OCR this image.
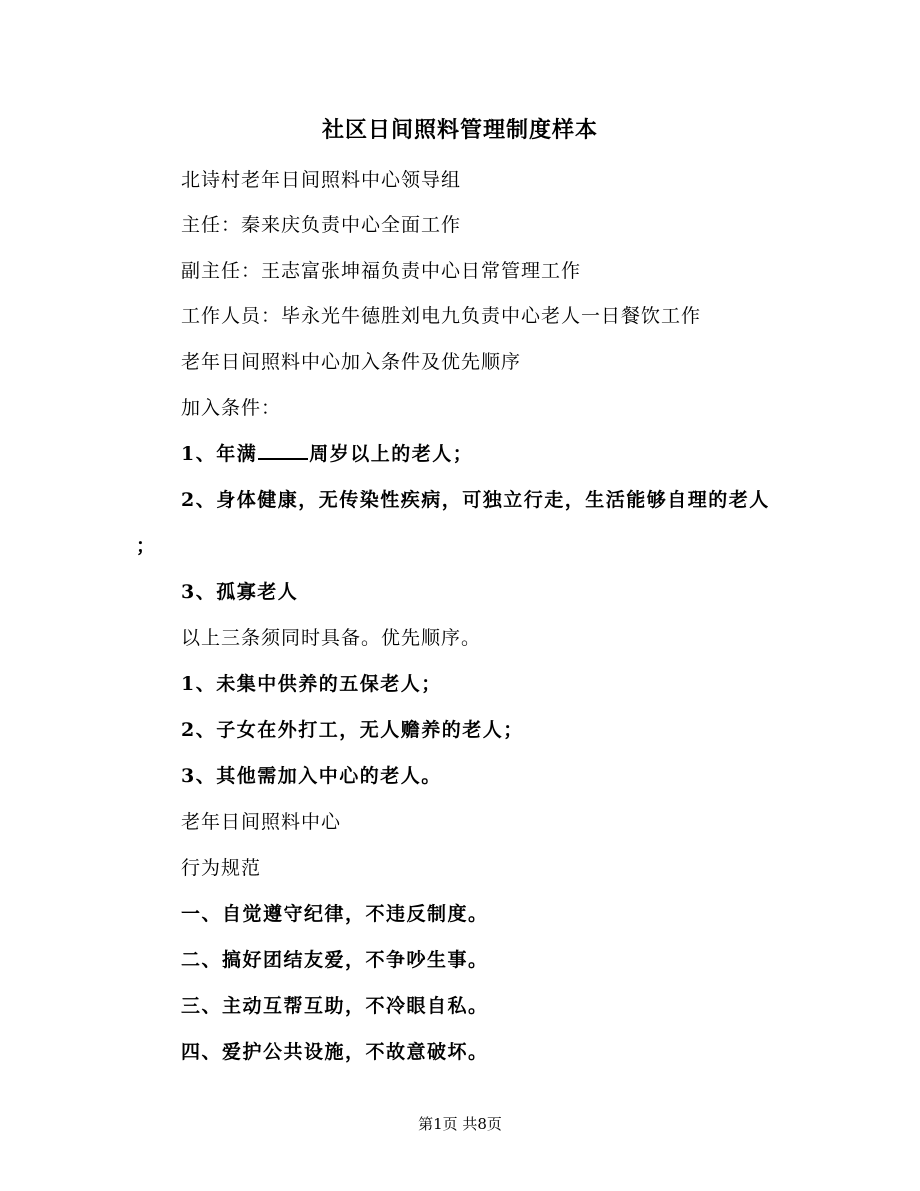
社区日间照料管理制度样本
北诗村老年日间照料中心领导组
主任：秦来庆负责中心全面工作
副主任：王志富张坤福负责中心日常管理工作
工作人员：毕永光牛德胜刘电九负责中心老人一日餐饮工作
老年日间照料中心加入条件及优先顺序
加入条件：
1、年满	周岁以上的老人；
2、身体健康，无传染性疾病，可独立行走，生活能够自理的老人
；
3、孤寡老人
以上三条须同时具备。优先顺序。
1、未集中供养的五保老人；
2、子女在外打工，无人赡养的老人；
3、其他需加入中心的老人。
老年日间照料中心
行为规范
一、自觉遵守纪律，不违反制度。
二、搞好团结友爱，不争吵生事。
三、主动互帮互助，不冷眼自私。
四、爱护公共设施，不故意破坏。
第1页 共8页
